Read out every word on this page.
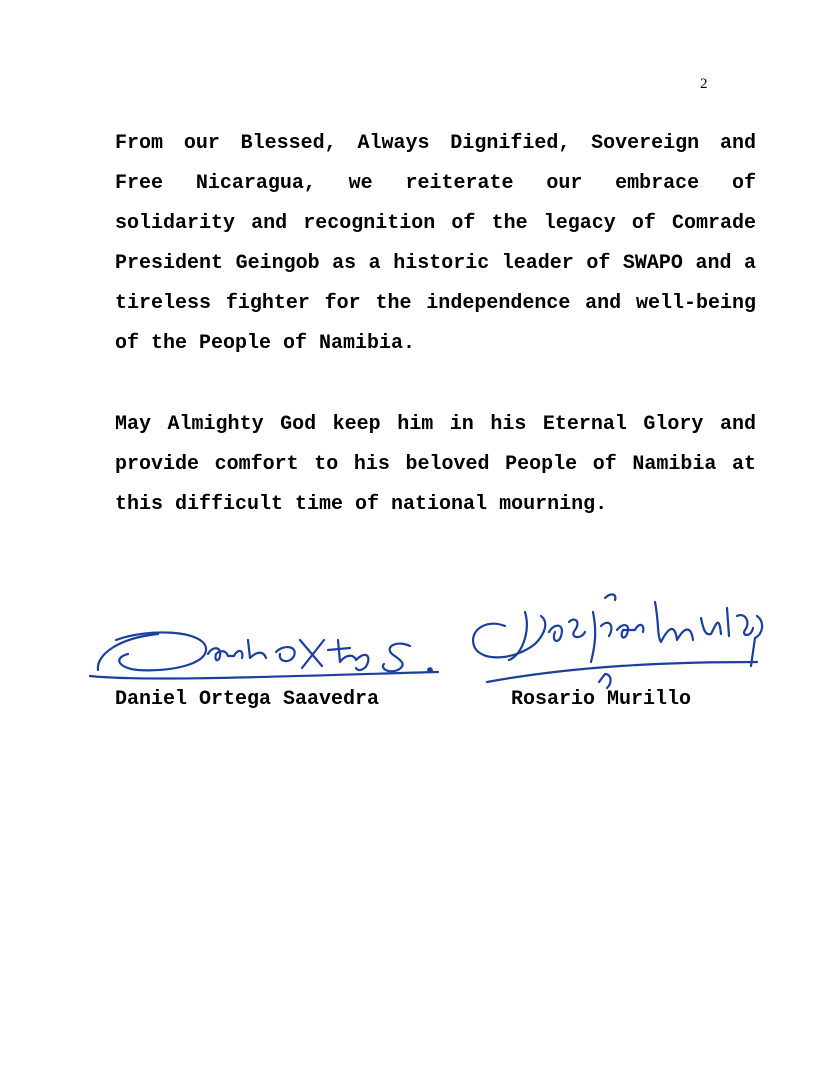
2

From our Blessed, Always Dignified, Sovereign and Free Nicaragua, we reiterate our embrace of solidarity and recognition of the legacy of Comrade President Geingob as a historic leader of SWAPO and a tireless fighter for the independence and well-being of the People of Namibia.

May Almighty God keep him in his Eternal Glory and provide comfort to his beloved People of Namibia at this difficult time of national mourning.

Daniel Ortega Saavedra	Rosario Murillo
